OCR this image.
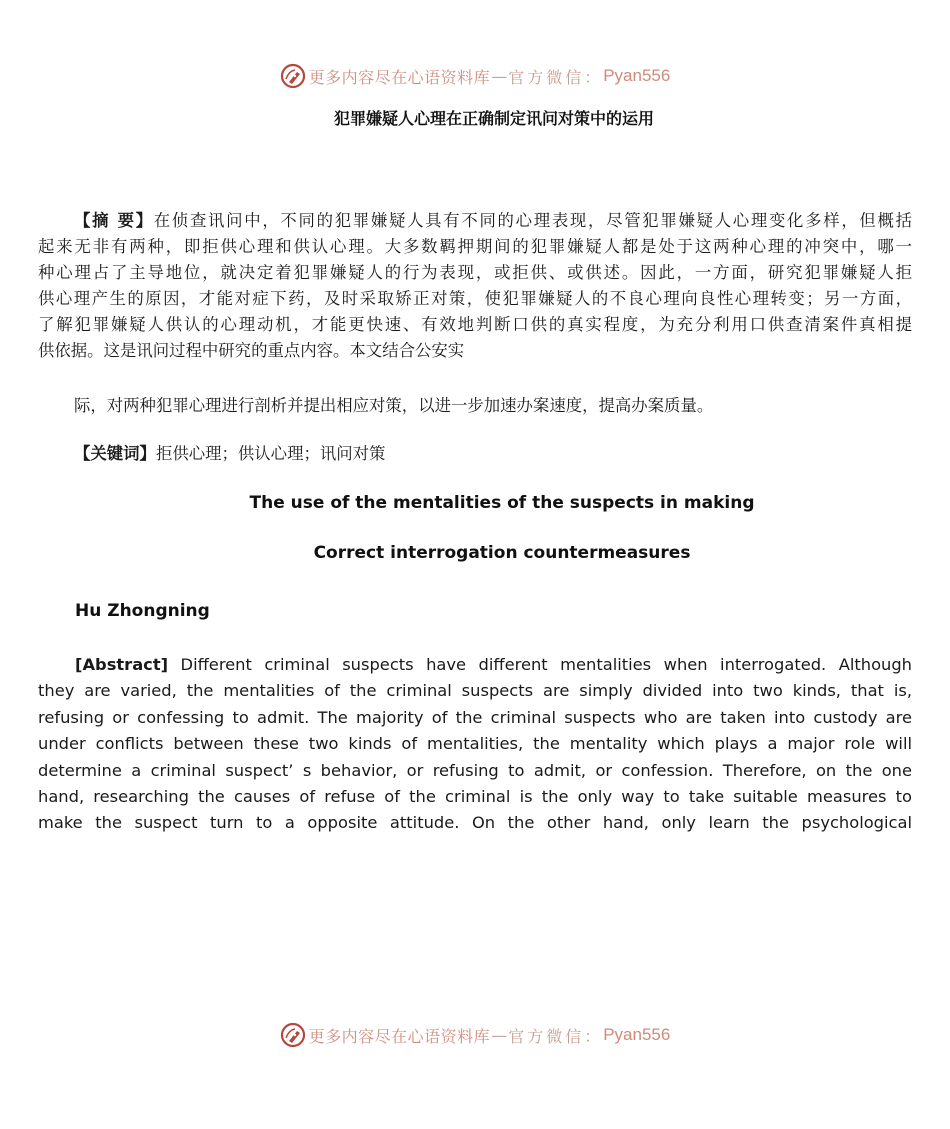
更多内容尽在心语资料库 — 官方微信： Pyan556
犯罪嫌疑人心理在正确制定讯问对策中的运用
【摘 要】在侦查讯问中，不同的犯罪嫌疑人具有不同的心理表现，尽管犯罪嫌疑人心理变化多样，但概括
起来无非有两种，即拒供心理和供认心理。大多数羁押期间的犯罪嫌疑人都是处于这两种心理的冲突中，哪一
种心理占了主导地位，就决定着犯罪嫌疑人的行为表现，或拒供、或供述。因此，一方面，研究犯罪嫌疑人拒
供心理产生的原因，才能对症下药，及时采取矫正对策，使犯罪嫌疑人的不良心理向良性心理转变；另一方面，
了解犯罪嫌疑人供认的心理动机，才能更快速、有效地判断口供的真实程度，为充分利用口供查清案件真相提
供依据。这是讯问过程中研究的重点内容。本文结合公安实
际，对两种犯罪心理进行剖析并提出相应对策，以进一步加速办案速度，提高办案质量。
【关键词】拒供心理；供认心理；讯问对策
The use of the mentalities of the suspects in making
Correct interrogation countermeasures
Hu Zhongning
[Abstract] Different criminal suspects have different mentalities when interrogated. Although
they are varied, the mentalities of the criminal suspects are simply divided into two kinds, that is,
refusing or confessing to admit. The majority of the criminal suspects who are taken into custody are
under conflicts between these two kinds of mentalities, the mentality which plays a major role will
determine a criminal suspect’ s behavior, or refusing to admit, or confession. Therefore, on the one
hand, researching the causes of refuse of the criminal is the only way to take suitable measures to
make the suspect turn to a opposite attitude. On the other hand, only learn the psychological
更多内容尽在心语资料库 — 官方微信： Pyan556
